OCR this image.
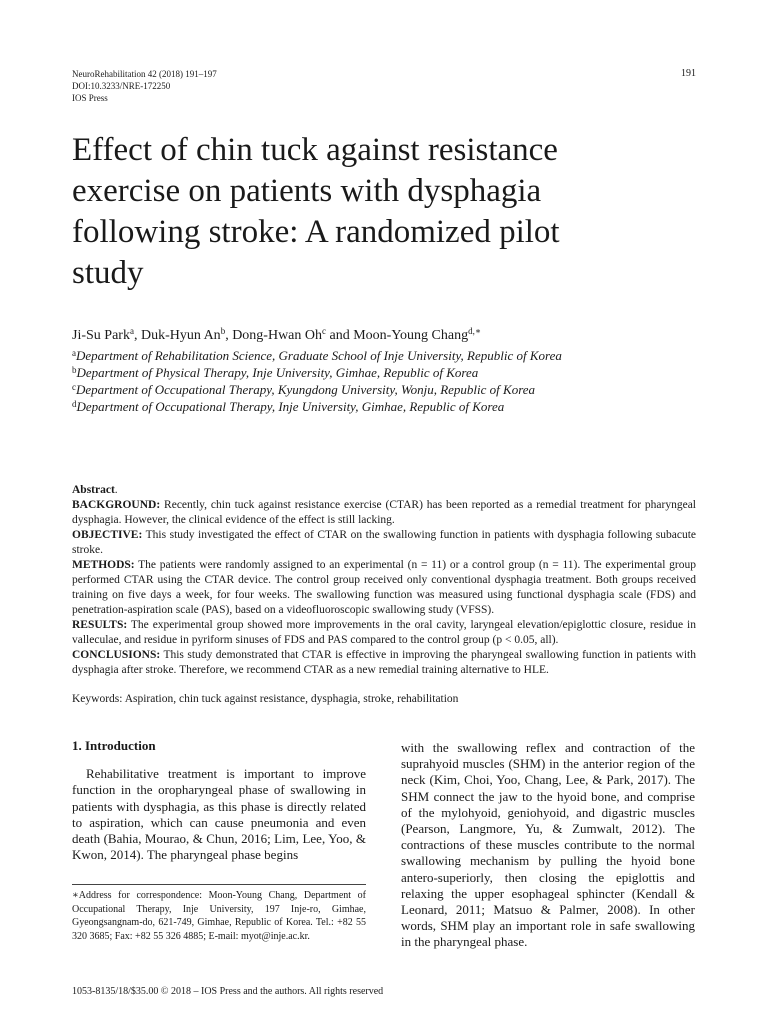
NeuroRehabilitation 42 (2018) 191–197
DOI:10.3233/NRE-172250
IOS Press
191
Effect of chin tuck against resistance exercise on patients with dysphagia following stroke: A randomized pilot study
Ji-Su Park$^a$, Duk-Hyun An$^b$, Dong-Hwan Oh$^c$ and Moon-Young Chang$^{d,∗}$
$^a$Department of Rehabilitation Science, Graduate School of Inje University, Republic of Korea
$^b$Department of Physical Therapy, Inje University, Gimhae, Republic of Korea
$^c$Department of Occupational Therapy, Kyungdong University, Wonju, Republic of Korea
$^d$Department of Occupational Therapy, Inje University, Gimhae, Republic of Korea

Abstract.

BACKGROUND: Recently, chin tuck against resistance exercise (CTAR) has been reported as a remedial treatment for pharyngeal dysphagia. However, the clinical evidence of the effect is still lacking.

OBJECTIVE: This study investigated the effect of CTAR on the swallowing function in patients with dysphagia following subacute stroke.

METHODS: The patients were randomly assigned to an experimental (n = 11) or a control group (n = 11). The experimental group performed CTAR using the CTAR device. The control group received only conventional dysphagia treatment. Both groups received training on five days a week, for four weeks. The swallowing function was measured using functional dysphagia scale (FDS) and penetration-aspiration scale (PAS), based on a videofluoroscopic swallowing study (VFSS).

RESULTS: The experimental group showed more improvements in the oral cavity, laryngeal elevation/epiglottic closure, residue in valleculae, and residue in pyriform sinuses of FDS and PAS compared to the control group (p < 0.05, all).

CONCLUSIONS: This study demonstrated that CTAR is effective in improving the pharyngeal swallowing function in patients with dysphagia after stroke. Therefore, we recommend CTAR as a new remedial training alternative to HLE.

Keywords: Aspiration, chin tuck against resistance, dysphagia, stroke, rehabilitation
1. Introduction

Rehabilitative treatment is important to improve function in the oropharyngeal phase of swallowing in patients with dysphagia, as this phase is directly related to aspiration, which can cause pneumonia and even death (Bahia, Mourao, & Chun, 2016; Lim, Lee, Yoo, & Kwon, 2014). The pharyngeal phase begins

with the swallowing reflex and contraction of the suprahyoid muscles (SHM) in the anterior region of the neck (Kim, Choi, Yoo, Chang, Lee, & Park, 2017). The SHM connect the jaw to the hyoid bone, and comprise of the mylohyoid, geniohyoid, and digastric muscles (Pearson, Langmore, Yu, & Zumwalt, 2012). The contractions of these muscles contribute to the normal swallowing mechanism by pulling the hyoid bone antero-superiorly, then closing the epiglottis and relaxing the upper esophageal sphincter (Kendall & Leonard, 2011; Matsuo & Palmer, 2008). In other words, SHM play an important role in safe swallowing in the pharyngeal phase.

∗Address for correspondence: Moon-Young Chang, Department of Occupational Therapy, Inje University, 197 Inje-ro, Gimhae, Gyeongsangnam-do, 621-749, Gimhae, Republic of Korea. Tel.: +82 55 320 3685; Fax: +82 55 326 4885; E-mail: myot@inje.ac.kr.
1053-8135/18/$35.00 © 2018 – IOS Press and the authors. All rights reserved
